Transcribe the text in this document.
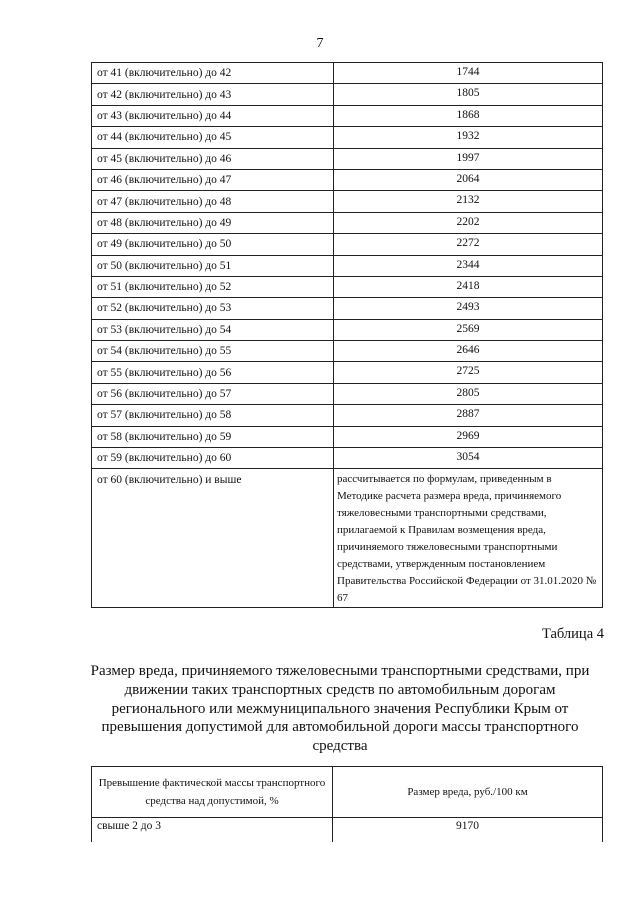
7
от 41 (включительно) до 42	1744
от 42 (включительно) до 43	1805
от 43 (включительно) до 44	1868
от 44 (включительно) до 45	1932
от 45 (включительно) до 46	1997
от 46 (включительно) до 47	2064
от 47 (включительно) до 48	2132
от 48 (включительно) до 49	2202
от 49 (включительно) до 50	2272
от 50 (включительно) до 51	2344
от 51 (включительно) до 52	2418
от 52 (включительно) до 53	2493
от 53 (включительно) до 54	2569
от 54 (включительно) до 55	2646
от 55 (включительно) до 56	2725
от 56 (включительно) до 57	2805
от 57 (включительно) до 58	2887
от 58 (включительно) до 59	2969
от 59 (включительно) до 60	3054
от 60 (включительно) и выше	рассчитывается по формулам, приведенным в Методике расчета размера вреда, причиняемого тяжеловесными транспортными средствами, прилагаемой к Правилам возмещения вреда, причиняемого тяжеловесными транспортными средствами, утвержденным постановлением Правительства Российской Федерации от 31.01.2020 № 67
Таблица 4
Размер вреда, причиняемого тяжеловесными транспортными средствами, при движении таких транспортных средств по автомобильным дорогам регионального или межмуниципального значения Республики Крым от превышения допустимой для автомобильной дороги массы транспортного средства
Превышение фактической массы транспортного средства над допустимой, %	Размер вреда, руб./100 км
свыше 2 до 3	9170
